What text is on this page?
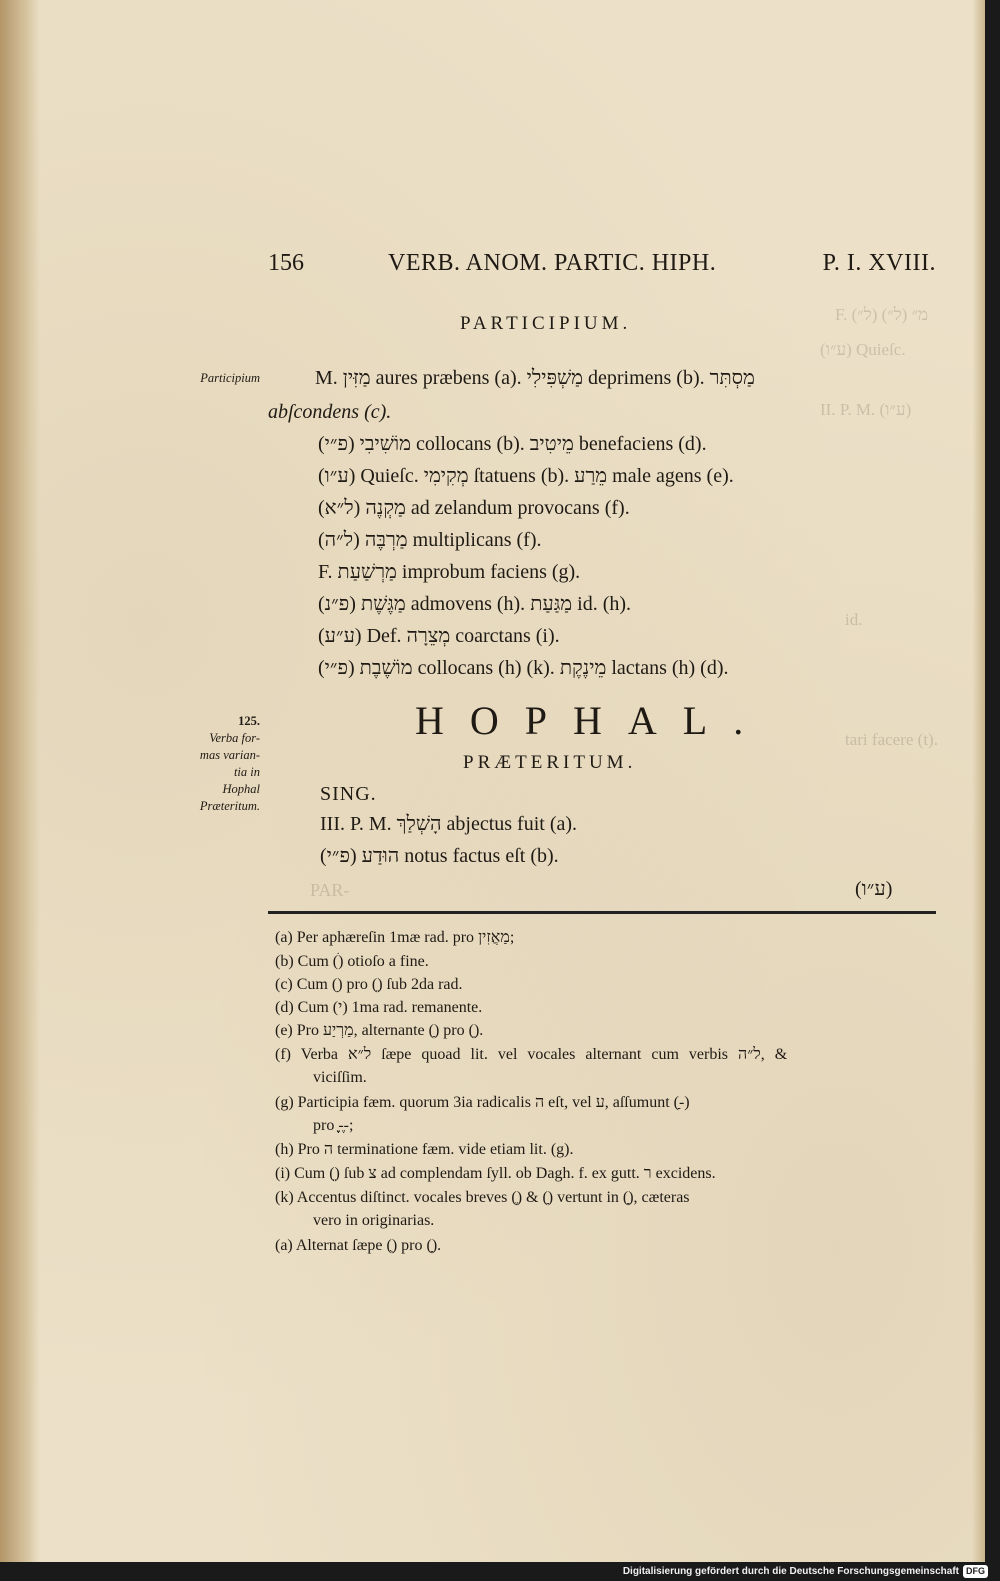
F. (ל״) מ״ (ל״)
(ע״ו) Quieſc.
II. P. M. (ע״ו)
id.
tari facere (t).
156	VERB. ANOM. PARTIC. HIPH.	P. I. XVIII.
PARTICIPIUM.
Participium	M. מַזִּין aures præbens (a). מַשְׁפִּילִי deprimens (b). מַסְתִּר
abſcondens (c).
(פ״י) מוֹשִׁיבִי collocans (b). מֵיטִיב benefaciens (d).
(ע״ו) Quieſc. מְקִימִי ſtatuens (b). מֵרַע male agens (e).
(ל״א) מַקְנֶה ad zelandum provocans (f).
(ל״ה) מַרְבֶּה multiplicans (f).
F. מַרְשַׁעַת improbum faciens (g).
(פ״נ) מַגֶּשֶׁת admovens (h). מַגַּעַת id. (h).
(ע״ע) Def. מְצֵרָה coarctans (i).
(פ״י) מוֹשֶׁבֶת collocans (h) (k). מֵינֶקֶת lactans (h) (d).
125.
Verba for-
mas varian-
tia in
Hophal
Præteritum.
HOPHAL.
PRÆTERITUM.
SING.
III. P. M. הָשְׁלַךְ abjectus fuit (a).
(פ״י) הוּדַע notus factus eſt (b).
(ע״ו)
PAR-
(a) Per aphæreſin 1mæ rad. pro מַאֲזִין;
(b) Cum (ׄ) otioſo a fine.
(c) Cum (ׅ) pro (ֵ) ſub 2da rad.
(d) Cum (י) 1ma rad. remanente.
(e) Pro מַרְיַע, alternante (ַ) pro (ֵ).
(f) Verba ל״א ſæpe quoad lit. vel vocales alternant cum verbis ל״ה, &
viciſſim.
(g) Participia fæm. quorum 3ia radicalis ה eſt, vel ע, aſſumunt (ַ-ַ)
pro ַ-ֶ-ֶ;
(h) Pro ה terminatione fæm. vide etiam lit. (g).
(i) Cum (ֵ) ſub צ ad complendam ſyll. ob Dagh. f. ex gutt. ר excidens.
(k) Accentus diſtinct. vocales breves (ֶ) & (ַ) vertunt in (ָ), cæteras
vero in originarias.
(a) Alternat ſæpe (ֻ) pro (ָ).
Digitalisierung gefördert durch die Deutsche Forschungsgemeinschaft DFG
